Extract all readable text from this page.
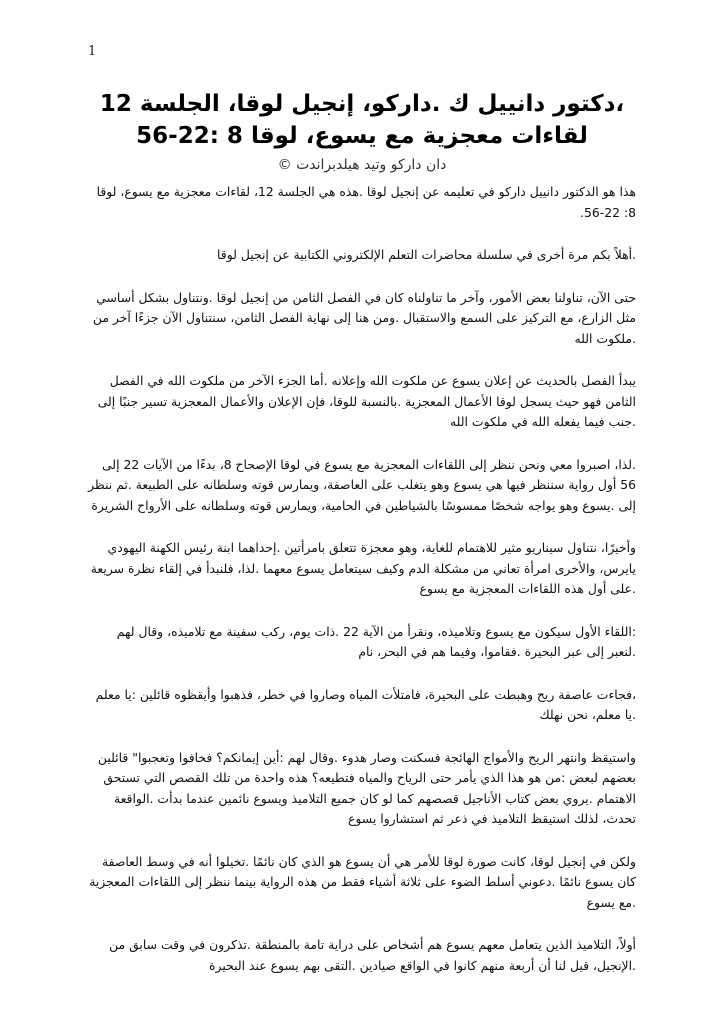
1

،دكتور دانييل ك .داركو، إنجيل لوقا، الجلسة 12

لقاءات معجزية مع يسوع، لوقا 8 :22-56

دان داركو وتيد هيلدبراندت ©

هذا هو الدكتور دانييل داركو في تعليمه عن إنجيل لوقا .هذه هي الجلسة 12، لقاءات معجزية مع يسوع، لوقا 8: 22-56.

.أهلاً بكم مرة أخرى في سلسلة محاضرات التعلم الإلكتروني الكتابية عن إنجيل لوقا

حتى الآن، تناولنا بعض الأمور، وآخر ما تناولناه كان في الفصل الثامن من إنجيل لوقا .ونتناول بشكل أساسي مثل الزارع، مع التركيز على السمع والاستقبال .ومن هنا إلى نهاية الفصل الثامن، سنتناول الآن جزءًا آخر من .ملكوت الله

يبدأ الفصل بالحديث عن إعلان يسوع عن ملكوت الله وإعلانه .أما الجزء الآخر من ملكوت الله في الفصل الثامن فهو حيث يسجل لوقا الأعمال المعجزية .بالنسبة للوقا، فإن الإعلان والأعمال المعجزية تسير جنبًا إلى .جنب فيما يفعله الله في ملكوت الله

.لذا، اصبروا معي ونحن ننظر إلى اللقاءات المعجزية مع يسوع في لوقا الإصحاح 8، بدءًا من الآيات 22 إلى 56 أول رواية سننظر فيها هي يسوع وهو يتغلب على العاصفة، ويمارس قوته وسلطانه على الطبيعة .ثم ننظر إلى .يسوع وهو يواجه شخصًا ممسوسًا بالشياطين في الحامية، ويمارس قوته وسلطانه على الأرواح الشريرة

وأخيرًا، نتناول سيناريو مثير للاهتمام للغاية، وهو معجزة تتعلق بامرأتين .إحداهما ابنة رئيس الكهنة اليهودي يايرس، والأخرى امرأة تعاني من مشكلة الدم وكيف سيتعامل يسوع معهما .لذا، فلنبدأ في إلقاء نظرة سريعة .على أول هذه اللقاءات المعجزية مع يسوع

:اللقاء الأول سيكون مع يسوع وتلاميذه، ونقرأ من الآية 22 .ذات يوم، ركب سفينة مع تلاميذه، وقال لهم .لنعبر إلى عبر البحيرة .فقاموا، وفيما هم في البحر، نام

،فجاءت عاصفة ريح وهبطت على البحيرة، فامتلأت المياه وصاروا في خطر، فذهبوا وأيقظوه قائلين :يا معلم .يا معلم، نحن نهلك

واستيقظ وانتهر الريح والأمواج الهائجة فسكنت وصار هدوء .وقال لهم :أين إيمانكم؟ فخافوا وتعجبوا" قائلين بعضهم لبعض :من هو هذا الذي يأمر حتى الرياح والمياه فتطيعه؟ هذه واحدة من تلك القصص التي تستحق الاهتمام .يروي بعض كتاب الأناجيل قصصهم كما لو كان جميع التلاميذ ويسوع نائمين عندما بدأت .الواقعة تحدث، لذلك استيقظ التلاميذ في ذعر ثم استشاروا يسوع

ولكن في إنجيل لوقا، كانت صورة لوقا للأمر هي أن يسوع هو الذي كان نائمًا .تخيلوا أنه في وسط العاصفة كان يسوع نائمًا .دعوني أسلط الضوء على ثلاثة أشياء فقط من هذه الرواية بينما ننظر إلى اللقاءات المعجزية .مع يسوع

أولاً، التلاميذ الذين يتعامل معهم يسوع هم أشخاص على دراية تامة بالمنطقة .تذكرون في وقت سابق من .الإنجيل، قيل لنا أن أربعة منهم كانوا في الواقع صيادين .التقى بهم يسوع عند البحيرة
